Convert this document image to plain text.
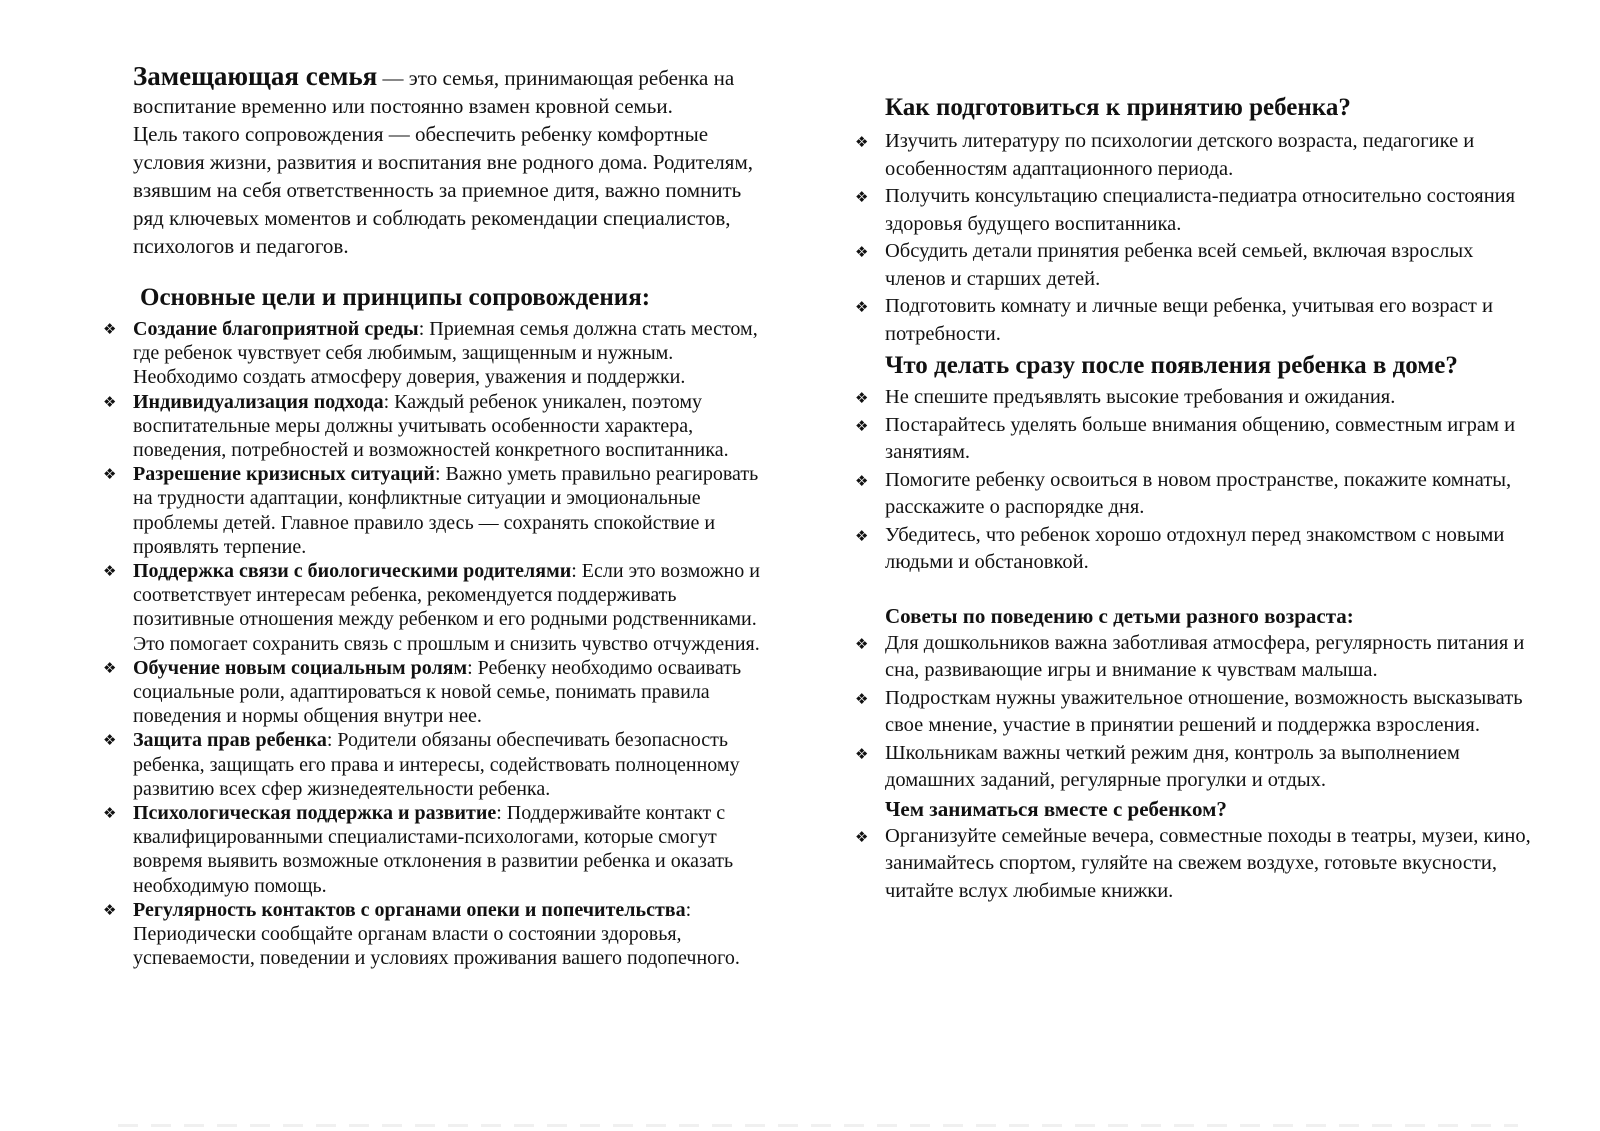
Замещающая семья — это семья, принимающая ребенка на воспитание временно или постоянно взамен кровной семьи.
Цель такого сопровождения — обеспечить ребенку комфортные условия жизни, развития и воспитания вне родного дома. Родителям, взявшим на себя ответственность за приемное дитя, важно помнить ряд ключевых моментов и соблюдать рекомендации специалистов, психологов и педагогов.

Основные цели и принципы сопровождения:
❖ Создание благоприятной среды: Приемная семья должна стать местом, где ребенок чувствует себя любимым, защищенным и нужным. Необходимо создать атмосферу доверия, уважения и поддержки.
❖ Индивидуализация подхода: Каждый ребенок уникален, поэтому воспитательные меры должны учитывать особенности характера, поведения, потребностей и возможностей конкретного воспитанника.
❖ Разрешение кризисных ситуаций: Важно уметь правильно реагировать на трудности адаптации, конфликтные ситуации и эмоциональные проблемы детей. Главное правило здесь — сохранять спокойствие и проявлять терпение.
❖ Поддержка связи с биологическими родителями: Если это возможно и соответствует интересам ребенка, рекомендуется поддерживать позитивные отношения между ребенком и его родными родственниками. Это помогает сохранить связь с прошлым и снизить чувство отчуждения.
❖ Обучение новым социальным ролям: Ребенку необходимо осваивать социальные роли, адаптироваться к новой семье, понимать правила поведения и нормы общения внутри нее.
❖ Защита прав ребенка: Родители обязаны обеспечивать безопасность ребенка, защищать его права и интересы, содействовать полноценному развитию всех сфер жизнедеятельности ребенка.
❖ Психологическая поддержка и развитие: Поддерживайте контакт с квалифицированными специалистами-психологами, которые смогут вовремя выявить возможные отклонения в развитии ребенка и оказать необходимую помощь.
❖ Регулярность контактов с органами опеки и попечительства: Периодически сообщайте органам власти о состоянии здоровья, успеваемости, поведении и условиях проживания вашего подопечного.
Как подготовиться к принятию ребенка?
❖ Изучить литературу по психологии детского возраста, педагогике и особенностям адаптационного периода.
❖ Получить консультацию специалиста-педиатра относительно состояния здоровья будущего воспитанника.
❖ Обсудить детали принятия ребенка всей семьей, включая взрослых членов и старших детей.
❖ Подготовить комнату и личные вещи ребенка, учитывая его возраст и потребности.
Что делать сразу после появления ребенка в доме?
❖ Не спешите предъявлять высокие требования и ожидания.
❖ Постарайтесь уделять больше внимания общению, совместным играм и занятиям.
❖ Помогите ребенку освоиться в новом пространстве, покажите комнаты, расскажите о распорядке дня.
❖ Убедитесь, что ребенок хорошо отдохнул перед знакомством с новыми людьми и обстановкой.
Советы по поведению с детьми разного возраста:
❖ Для дошкольников важна заботливая атмосфера, регулярность питания и сна, развивающие игры и внимание к чувствам малыша.
❖ Подросткам нужны уважительное отношение, возможность высказывать свое мнение, участие в принятии решений и поддержка взросления.
❖ Школьникам важны четкий режим дня, контроль за выполнением домашних заданий, регулярные прогулки и отдых.
Чем заниматься вместе с ребенком?
❖ Организуйте семейные вечера, совместные походы в театры, музеи, кино, занимайтесь спортом, гуляйте на свежем воздухе, готовьте вкусности, читайте вслух любимые книжки.
